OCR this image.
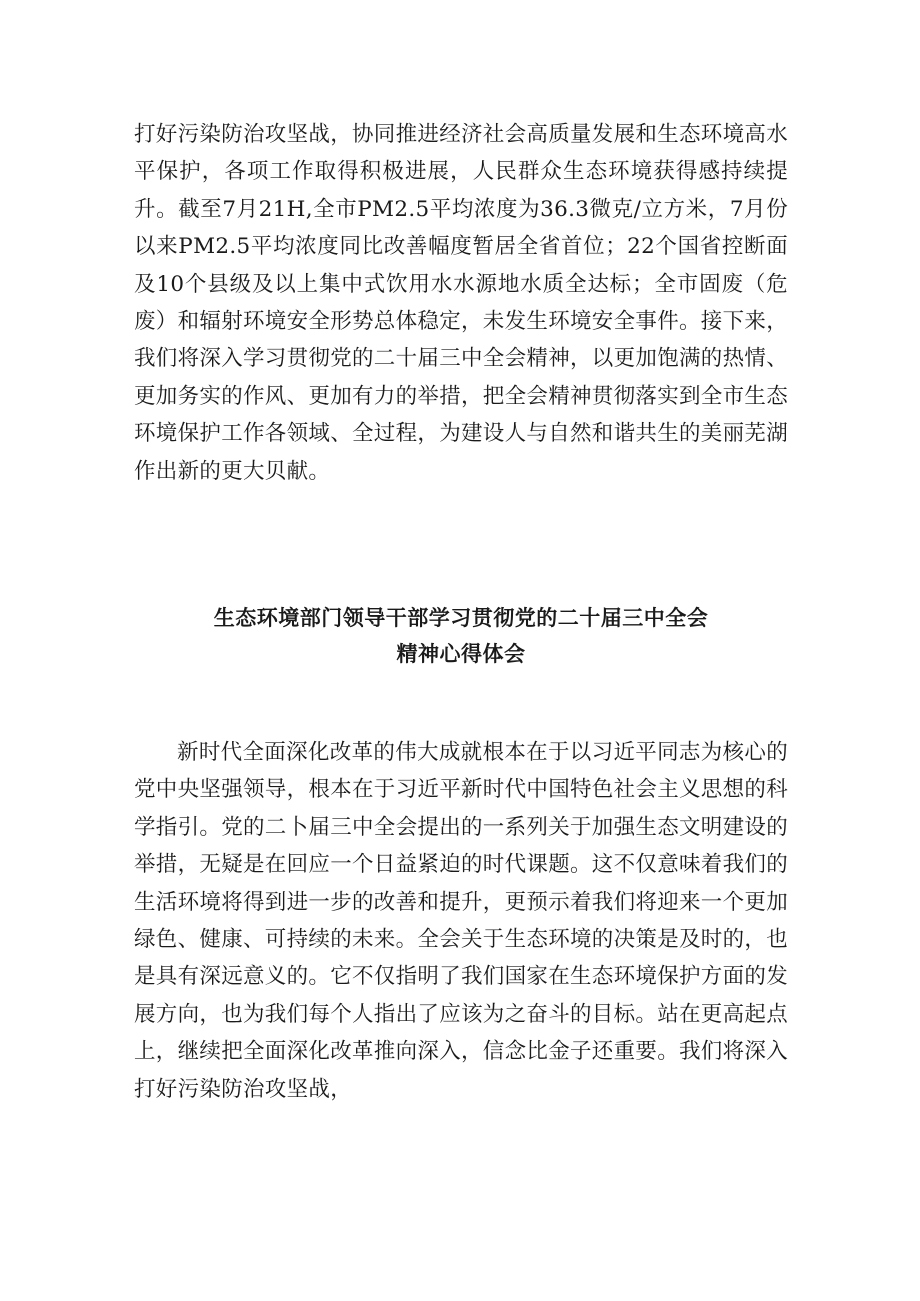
打好污染防治攻坚战，协同推进经济社会高质量发展和生态环境高水平保护，各项工作取得积极进展，人民群众生态环境获得感持续提升。截至7月21H,全市PM2.5平均浓度为36.3微克/立方米，7月份以来PM2.5平均浓度同比改善幅度暂居全省首位；22个国省控断面及10个县级及以上集中式饮用水水源地水质全达标；全市固废（危废）和辐射环境安全形势总体稳定，未发生环境安全事件。接下来，我们将深入学习贯彻党的二十届三中全会精神，以更加饱满的热情、更加务实的作风、更加有力的举措，把全会精神贯彻落实到全市生态环境保护工作各领域、全过程，为建设人与自然和谐共生的美丽芜湖作出新的更大贝献。

生态环境部门领导干部学习贯彻党的二十届三中全会
精神心得体会

新时代全面深化改革的伟大成就根本在于以习近平同志为核心的党中央坚强领导，根本在于习近平新时代中国特色社会主义思想的科学指引。党的二卜届三中全会提出的一系列关于加强生态文明建设的举措，无疑是在回应一个日益紧迫的时代课题。这不仅意味着我们的生活环境将得到进一步的改善和提升，更预示着我们将迎来一个更加绿色、健康、可持续的未来。全会关于生态环境的决策是及时的，也是具有深远意义的。它不仅指明了我们国家在生态环境保护方面的发展方向，也为我们每个人指出了应该为之奋斗的目标。站在更高起点上，继续把全面深化改革推向深入，信念比金子还重要。我们将深入打好污染防治攻坚战，
